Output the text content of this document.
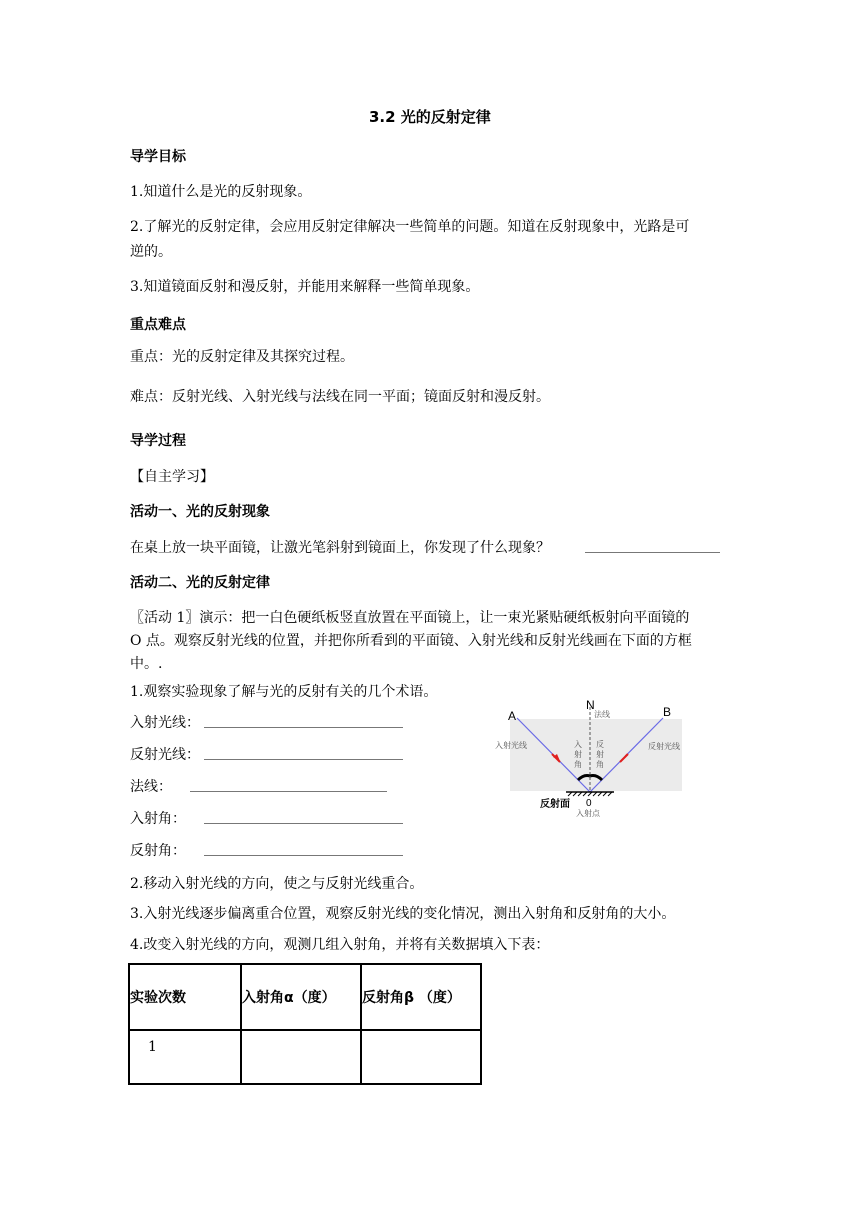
3.2 光的反射定律
导学目标
1.知道什么是光的反射现象。
2.了解光的反射定律，会应用反射定律解决一些简单的问题。知道在反射现象中，光路是可
逆的。
3.知道镜面反射和漫反射，并能用来解释一些简单现象。
重点难点
重点：光的反射定律及其探究过程。
难点：反射光线、入射光线与法线在同一平面；镜面反射和漫反射。
导学过程
【自主学习】
活动一、光的反射现象
在桌上放一块平面镜，让激光笔斜射到镜面上，你发现了什么现象？
活动二、光的反射定律
〖活动 1〗演示：把一白色硬纸板竖直放置在平面镜上，让一束光紧贴硬纸板射向平面镜的
O 点。观察反射光线的位置，并把你所看到的平面镜、入射光线和反射光线画在下面的方框
中。.
1.观察实验现象了解与光的反射有关的几个术语。
入射光线：
反射光线：
法线：
入射角：
反射角：
A	B
N
法线
入射光线	反射光线
入
射
角
反
射
角
反射面 0
入射点
2.移动入射光线的方向，使之与反射光线重合。
3.入射光线逐步偏离重合位置，观察反射光线的变化情况，测出入射角和反射角的大小。
4.改变入射光线的方向，观测几组入射角，并将有关数据填入下表：
实验次数	入射角α（度）	反射角β （度）
1		
